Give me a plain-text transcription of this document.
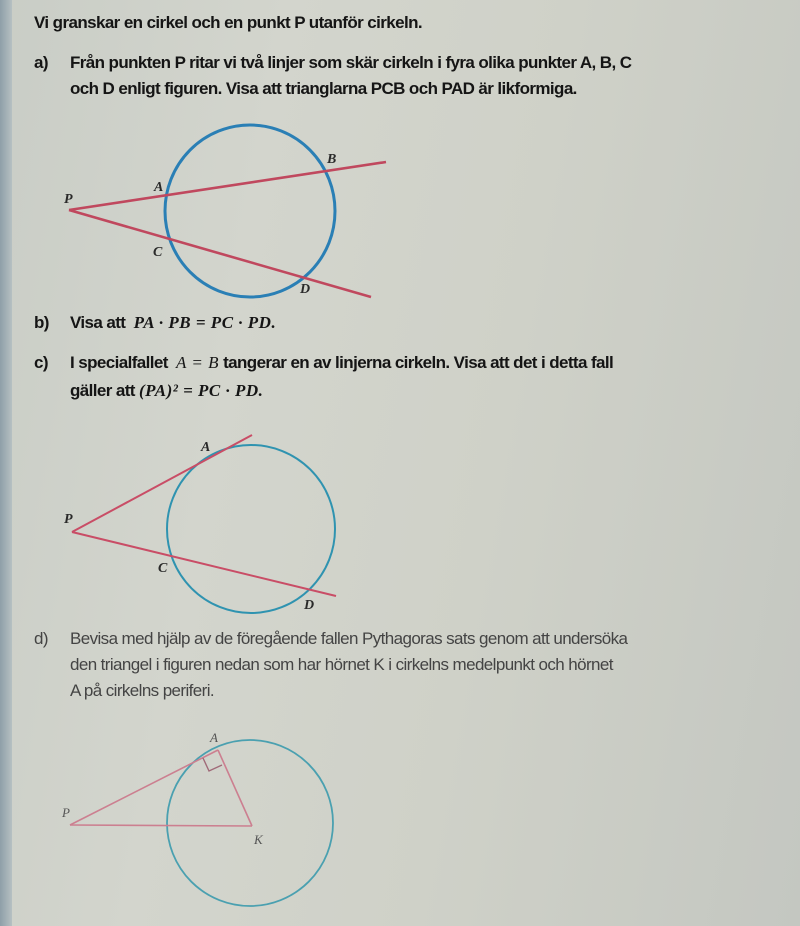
Vi granskar en cirkel och en punkt P utanför cirkeln.
a) Från punkten P ritar vi två linjer som skär cirkeln i fyra olika punkter A, B, C
och D enligt figuren. Visa att trianglarna PCB och PAD är likformiga.
P
A
B
C
D
b) Visa att PA · PB = PC · PD.
c) I specialfallet A = B tangerar en av linjerna cirkeln. Visa att det i detta fall
gäller att (PA)² = PC · PD.
P
A
C
D
d) Bevisa med hjälp av de föregående fallen Pythagoras sats genom att undersöka
den triangel i figuren nedan som har hörnet K i cirkelns medelpunkt och hörnet
A på cirkelns periferi.
P
A
K
